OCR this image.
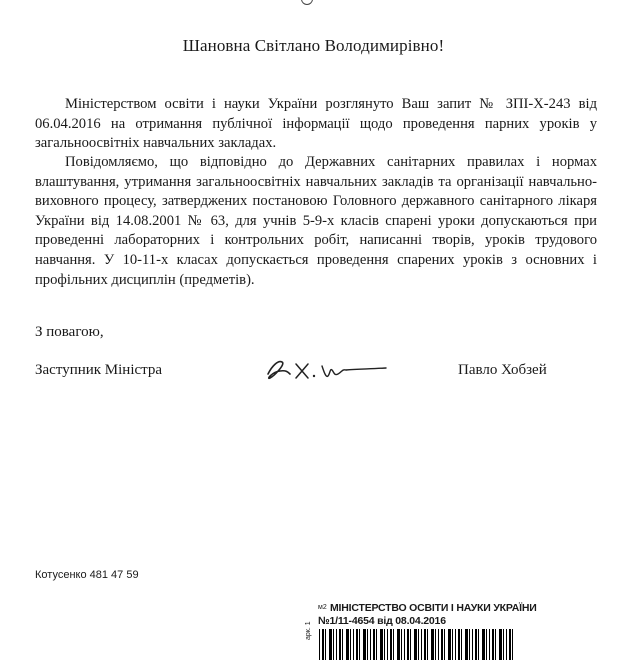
Шановна Світлано Володимирівно!

Міністерством освіти і науки України розглянуто Ваш запит № ЗПІ-Х-243 від 06.04.2016 на отримання публічної інформації щодо проведення парних уроків у загальноосвітніх навчальних закладах.

Повідомляємо, що відповідно до Державних санітарних правилах і нормах влаштування, утримання загальноосвітніх навчальних закладів та організації навчально-виховного процесу, затверджених постановою Головного державного санітарного лікаря України від 14.08.2001 № 63, для учнів 5-9-х класів спарені уроки допускаються при проведенні лабораторних і контрольних робіт, написанні творів, уроків трудового навчання. У 10-11-х класах допускається проведення спарених уроків з основних і профільних дисциплін (предметів).

З повагою,
Заступник Міністра	Павло Хобзей
Котусенко 481 47 59
м2 МІНІСТЕРСТВО ОСВІТИ І НАУКИ УКРАЇНИ
№1/11-4654 від 08.04.2016
арк. 1
